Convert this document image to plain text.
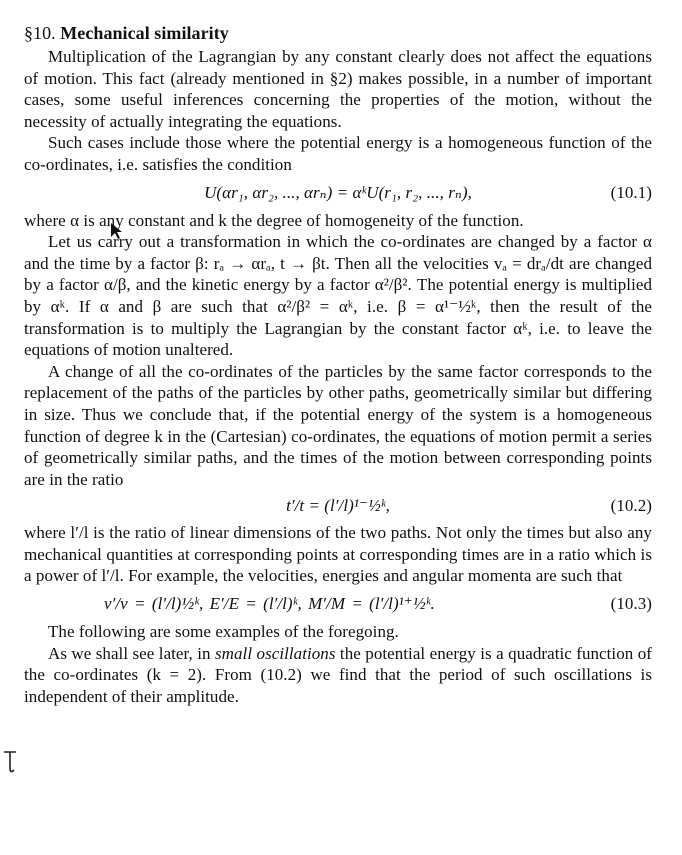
§10. Mechanical similarity

Multiplication of the Lagrangian by any constant clearly does not affect the equations of motion. This fact (already mentioned in §2) makes possible, in a number of important cases, some useful inferences concerning the properties of the motion, without the necessity of actually integrating the equations.

Such cases include those where the potential energy is a homogeneous function of the co-ordinates, i.e. satisfies the condition

U(αr₁, αr₂, ..., αrₙ) = αᵏU(r₁, r₂, ..., rₙ),	(10.1)

where α is any constant and k the degree of homogeneity of the function.

Let us carry out a transformation in which the co-ordinates are changed by a factor α and the time by a factor β: rₐ → αrₐ, t → βt. Then all the velocities vₐ = drₐ/dt are changed by a factor α/β, and the kinetic energy by a factor α²/β². The potential energy is multiplied by αᵏ. If α and β are such that α²/β² = αᵏ, i.e. β = α¹⁻½ᵏ, then the result of the transformation is to multiply the Lagrangian by the constant factor αᵏ, i.e. to leave the equations of motion unaltered.

A change of all the co-ordinates of the particles by the same factor corresponds to the replacement of the paths of the particles by other paths, geometrically similar but differing in size. Thus we conclude that, if the potential energy of the system is a homogeneous function of degree k in the (Cartesian) co-ordinates, the equations of motion permit a series of geometrically similar paths, and the times of the motion between corresponding points are in the ratio

t′/t = (l′/l)¹⁻½ᵏ,	(10.2)

where l′/l is the ratio of linear dimensions of the two paths. Not only the times but also any mechanical quantities at corresponding points at corresponding times are in a ratio which is a power of l′/l. For example, the velocities, energies and angular momenta are such that

v′/v = (l′/l)½ᵏ, E′/E = (l′/l)ᵏ, M′/M = (l′/l)¹⁺½ᵏ.	(10.3)

The following are some examples of the foregoing.

As we shall see later, in small oscillations the potential energy is a quadratic function of the co-ordinates (k = 2). From (10.2) we find that the period of such oscillations is independent of their amplitude.
